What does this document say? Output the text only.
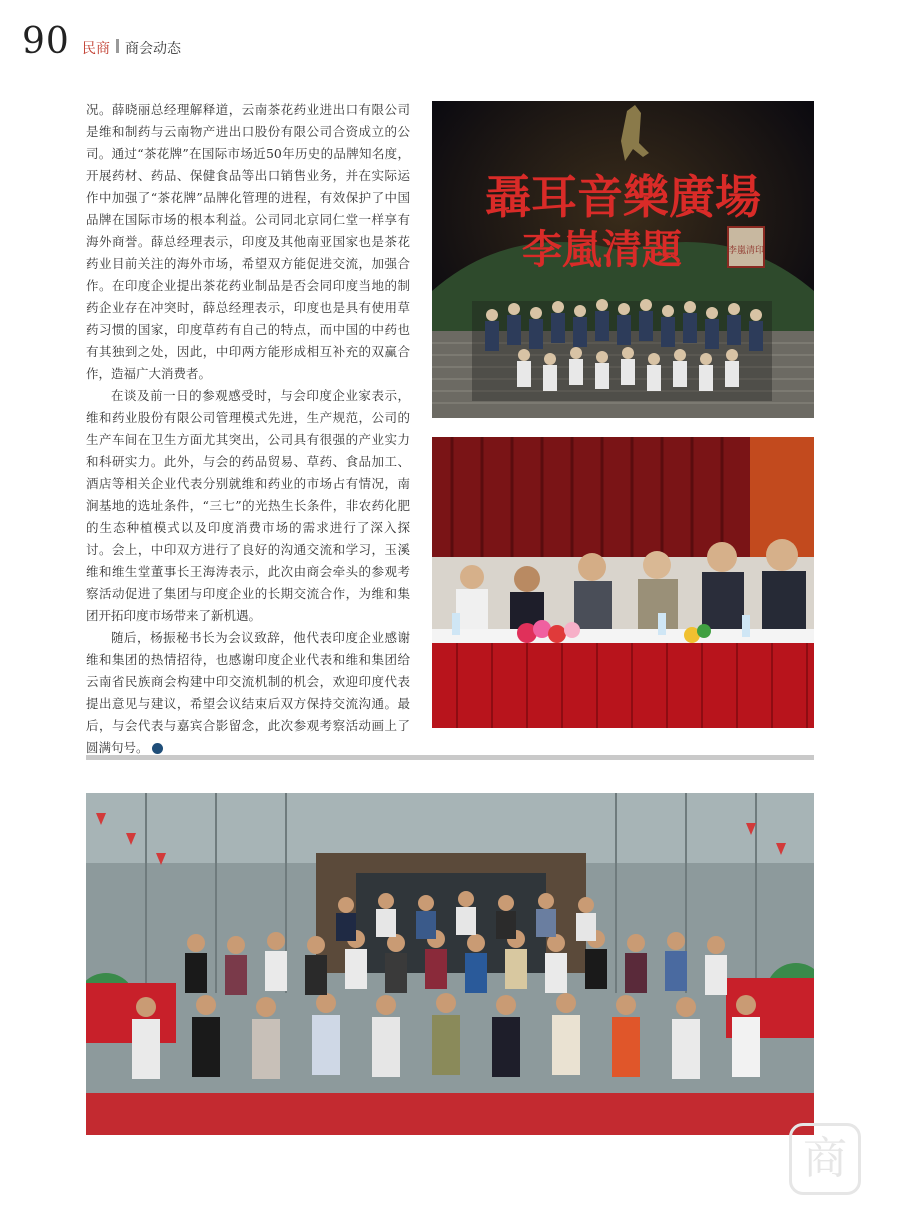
90 民商 商会动态

况。薛晓丽总经理解释道，云南茶花药业进出口有限公司是维和制药与云南物产进出口股份有限公司合资成立的公司。通过“茶花牌”在国际市场近50年历史的品牌知名度，开展药材、药品、保健食品等出口销售业务，并在实际运作中加强了“茶花牌”品牌化管理的进程，有效保护了中国品牌在国际市场的根本利益。公司同北京同仁堂一样享有海外商誉。薛总经理表示，印度及其他南亚国家也是茶花药业目前关注的海外市场，希望双方能促进交流，加强合作。在印度企业提出茶花药业制品是否会同印度当地的制药企业存在冲突时，薛总经理表示，印度也是具有使用草药习惯的国家，印度草药有自己的特点，而中国的中药也有其独到之处，因此，中印两方能形成相互补充的双赢合作，造福广大消费者。

在谈及前一日的参观感受时，与会印度企业家表示，维和药业股份有限公司管理模式先进，生产规范，公司的生产车间在卫生方面尤其突出，公司具有很强的产业实力和科研实力。此外，与会的药品贸易、草药、食品加工、酒店等相关企业代表分别就维和药业的市场占有情况，南涧基地的选址条件，“三七”的光热生长条件，非农药化肥的生态种植模式以及印度消费市场的需求进行了深入探讨。会上，中印双方进行了良好的沟通交流和学习，玉溪维和维生堂董事长王海涛表示，此次由商会牵头的参观考察活动促进了集团与印度企业的长期交流合作，为维和集团开拓印度市场带来了新机遇。

随后，杨振秘书长为会议致辞，他代表印度企业感谢维和集团的热情招待，也感谢印度企业代表和维和集团给云南省民族商会构建中印交流机制的机会，欢迎印度代表提出意见与建议，希望会议结束后双方保持交流沟通。最后，与会代表与嘉宾合影留念，此次参观考察活动画上了圆满句号。	◆

聶耳音樂廣場
李嵐清題	李嵐清印
商
